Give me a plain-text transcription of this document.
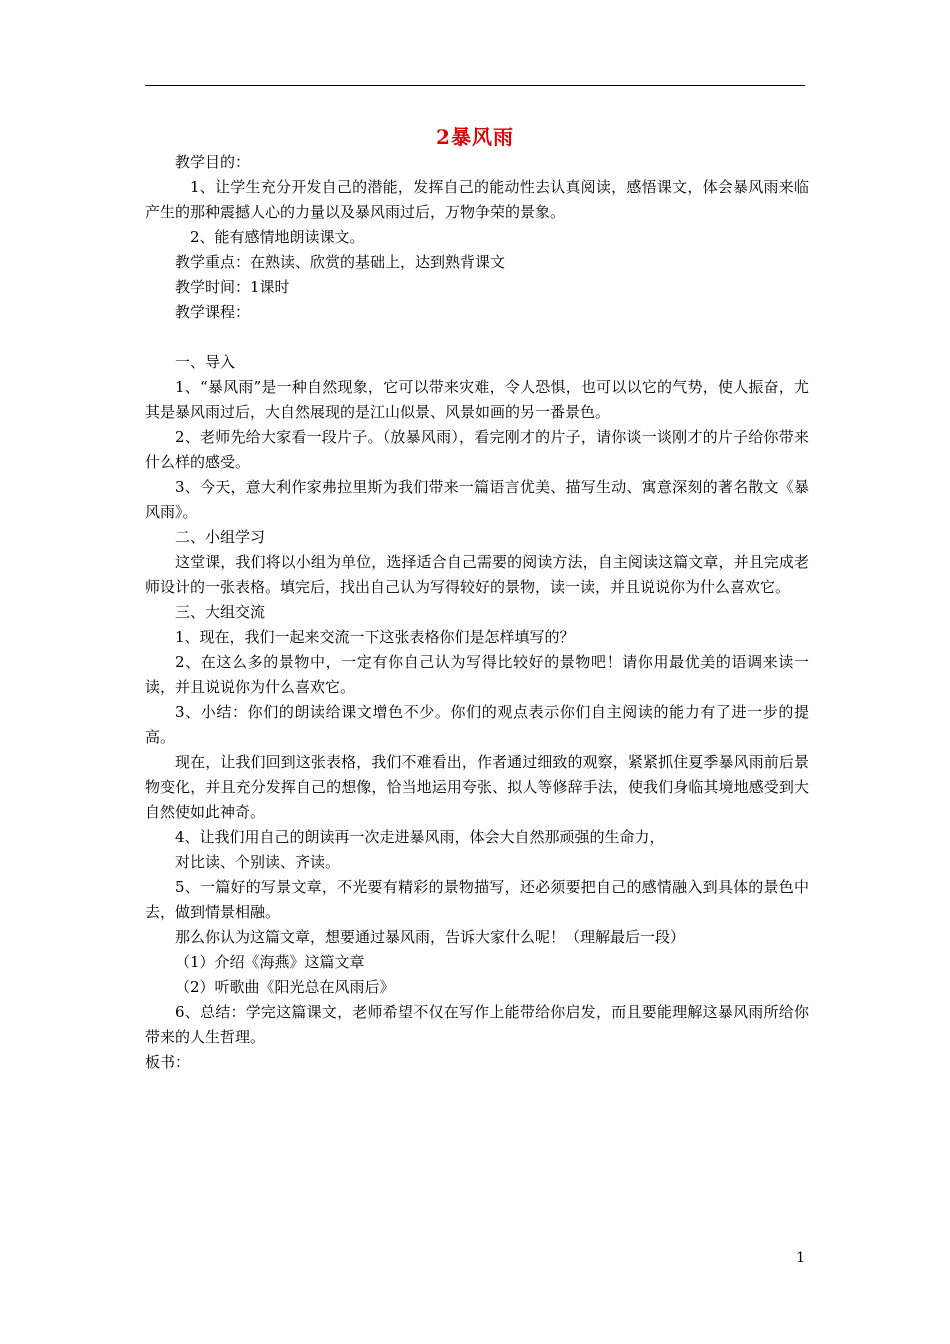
2暴风雨

教学目的：

1、让学生充分开发自己的潜能，发挥自己的能动性去认真阅读，感悟课文，体会暴风雨来临产生的那种震撼人心的力量以及暴风雨过后，万物争荣的景象。

2、能有感情地朗读课文。

教学重点：在熟读、欣赏的基础上，达到熟背课文

教学时间：1课时

教学课程：

一、导入

1、“暴风雨”是一种自然现象，它可以带来灾难，令人恐惧，也可以以它的气势，使人振奋，尤其是暴风雨过后，大自然展现的是江山似景、风景如画的另一番景色。

2、老师先给大家看一段片子。（放暴风雨），看完刚才的片子，请你谈一谈刚才的片子给你带来什么样的感受。

3、今天，意大利作家弗拉里斯为我们带来一篇语言优美、描写生动、寓意深刻的著名散文《暴风雨》。

二、小组学习

这堂课，我们将以小组为单位，选择适合自己需要的阅读方法，自主阅读这篇文章，并且完成老师设计的一张表格。填完后，找出自己认为写得较好的景物，读一读，并且说说你为什么喜欢它。

三、大组交流

1、现在，我们一起来交流一下这张表格你们是怎样填写的？

2、在这么多的景物中，一定有你自己认为写得比较好的景物吧！请你用最优美的语调来读一读，并且说说你为什么喜欢它。

3、小结：你们的朗读给课文增色不少。你们的观点表示你们自主阅读的能力有了进一步的提高。

现在，让我们回到这张表格，我们不难看出，作者通过细致的观察，紧紧抓住夏季暴风雨前后景物变化，并且充分发挥自己的想像，恰当地运用夸张、拟人等修辞手法，使我们身临其境地感受到大自然使如此神奇。

4、让我们用自己的朗读再一次走进暴风雨，体会大自然那顽强的生命力，

对比读、个别读、齐读。

5、一篇好的写景文章，不光要有精彩的景物描写，还必须要把自己的感情融入到具体的景色中去，做到情景相融。

那么你认为这篇文章，想要通过暴风雨，告诉大家什么呢！（理解最后一段）

（1）介绍《海燕》这篇文章

（2）听歌曲《阳光总在风雨后》

6、总结：学完这篇课文，老师希望不仅在写作上能带给你启发，而且要能理解这暴风雨所给你带来的人生哲理。

板书：

1
